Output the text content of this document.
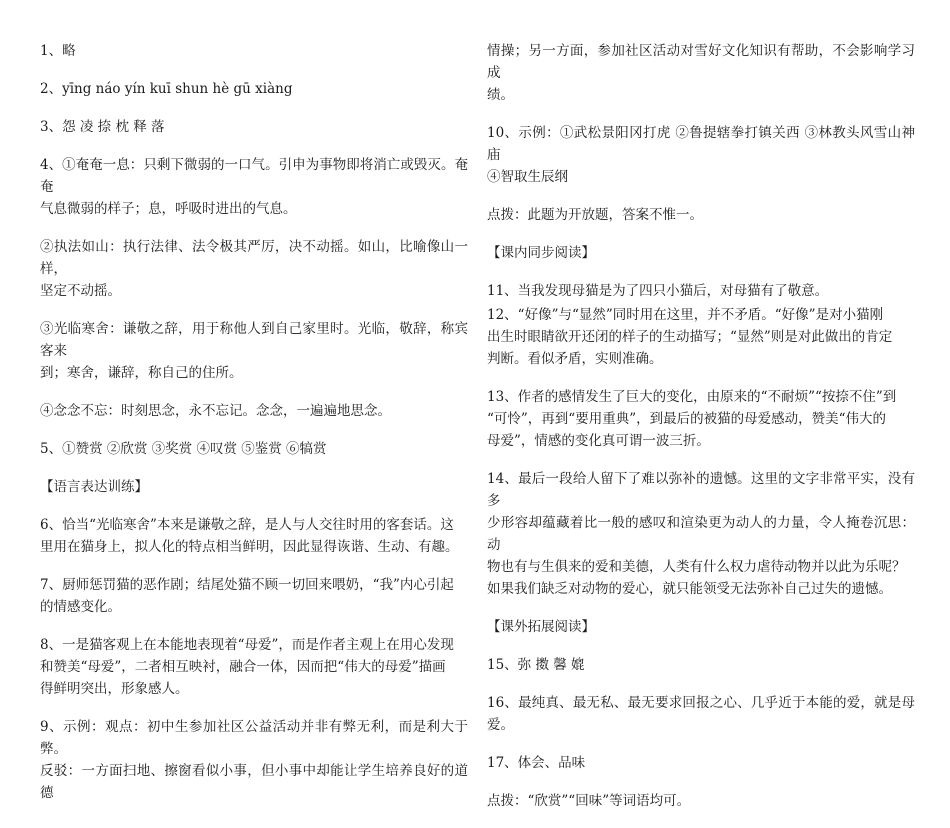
1、略
2、yīng náo yín kuī shun hè gū xiàng
3、怨 凌 捺 枕 释 落
4、①奄奄一息：只剩下微弱的一口气。引申为事物即将消亡或毁灭。奄奄
气息微弱的样子；息，呼吸时进出的气息。
②执法如山：执行法律、法令极其严厉，决不动摇。如山，比喻像山一样，
坚定不动摇。
③光临寒舍：谦敬之辞，用于称他人到自己家里时。光临，敬辞，称宾客来
到；寒舍，谦辞，称自己的住所。
④念念不忘：时刻思念，永不忘记。念念，一遍遍地思念。
5、①赞赏 ②欣赏 ③奖赏 ④叹赏 ⑤鉴赏 ⑥犒赏
【语言表达训练】
6、恰当“光临寒舍”本来是谦敬之辞，是人与人交往时用的客套话。这
里用在猫身上，拟人化的特点相当鲜明，因此显得诙谐、生动、有趣。
7、厨师惩罚猫的恶作剧；结尾处猫不顾一切回来喂奶，“我”内心引起
的情感变化。
8、一是猫客观上在本能地表现着“母爱”，而是作者主观上在用心发现
和赞美“母爱”，二者相互映衬，融合一体，因而把“伟大的母爱”描画
得鲜明突出，形象感人。
9、示例：观点：初中生参加社区公益活动并非有弊无利，而是利大于弊。
反驳：一方面扫地、擦窗看似小事，但小事中却能让学生培养良好的道德
情操；另一方面，参加社区活动对雪好文化知识有帮助，不会影响学习成
绩。
10、示例：①武松景阳冈打虎 ②鲁提辖拳打镇关西 ③林教头风雪山神庙
④智取生辰纲
点拨：此题为开放题，答案不惟一。
【课内同步阅读】
11、当我发现母猫是为了四只小猫后，对母猫有了敬意。
12、“好像”与“显然”同时用在这里，并不矛盾。“好像”是对小猫刚
出生时眼睛欲开还闭的样子的生动描写；“显然”则是对此做出的肯定
判断。看似矛盾，实则准确。
13、作者的感情发生了巨大的变化，由原来的“不耐烦”“按捺不住”到
“可怜”，再到“要用重典”，到最后的被猫的母爱感动，赞美“伟大的
母爱”，情感的变化真可谓一波三折。
14、最后一段给人留下了难以弥补的遗憾。这里的文字非常平实，没有多
少形容却蕴藏着比一般的感叹和渲染更为动人的力量，令人掩卷沉思：动
物也有与生俱来的爱和美德，人类有什么权力虐待动物并以此为乐呢？
如果我们缺乏对动物的爱心，就只能领受无法弥补自己过失的遗憾。
【课外拓展阅读】
15、弥 擞 馨 媲
16、最纯真、最无私、最无要求回报之心、几乎近于本能的爱，就是母爱。
17、体会、品味
点拨：“欣赏”“回味”等词语均可。
